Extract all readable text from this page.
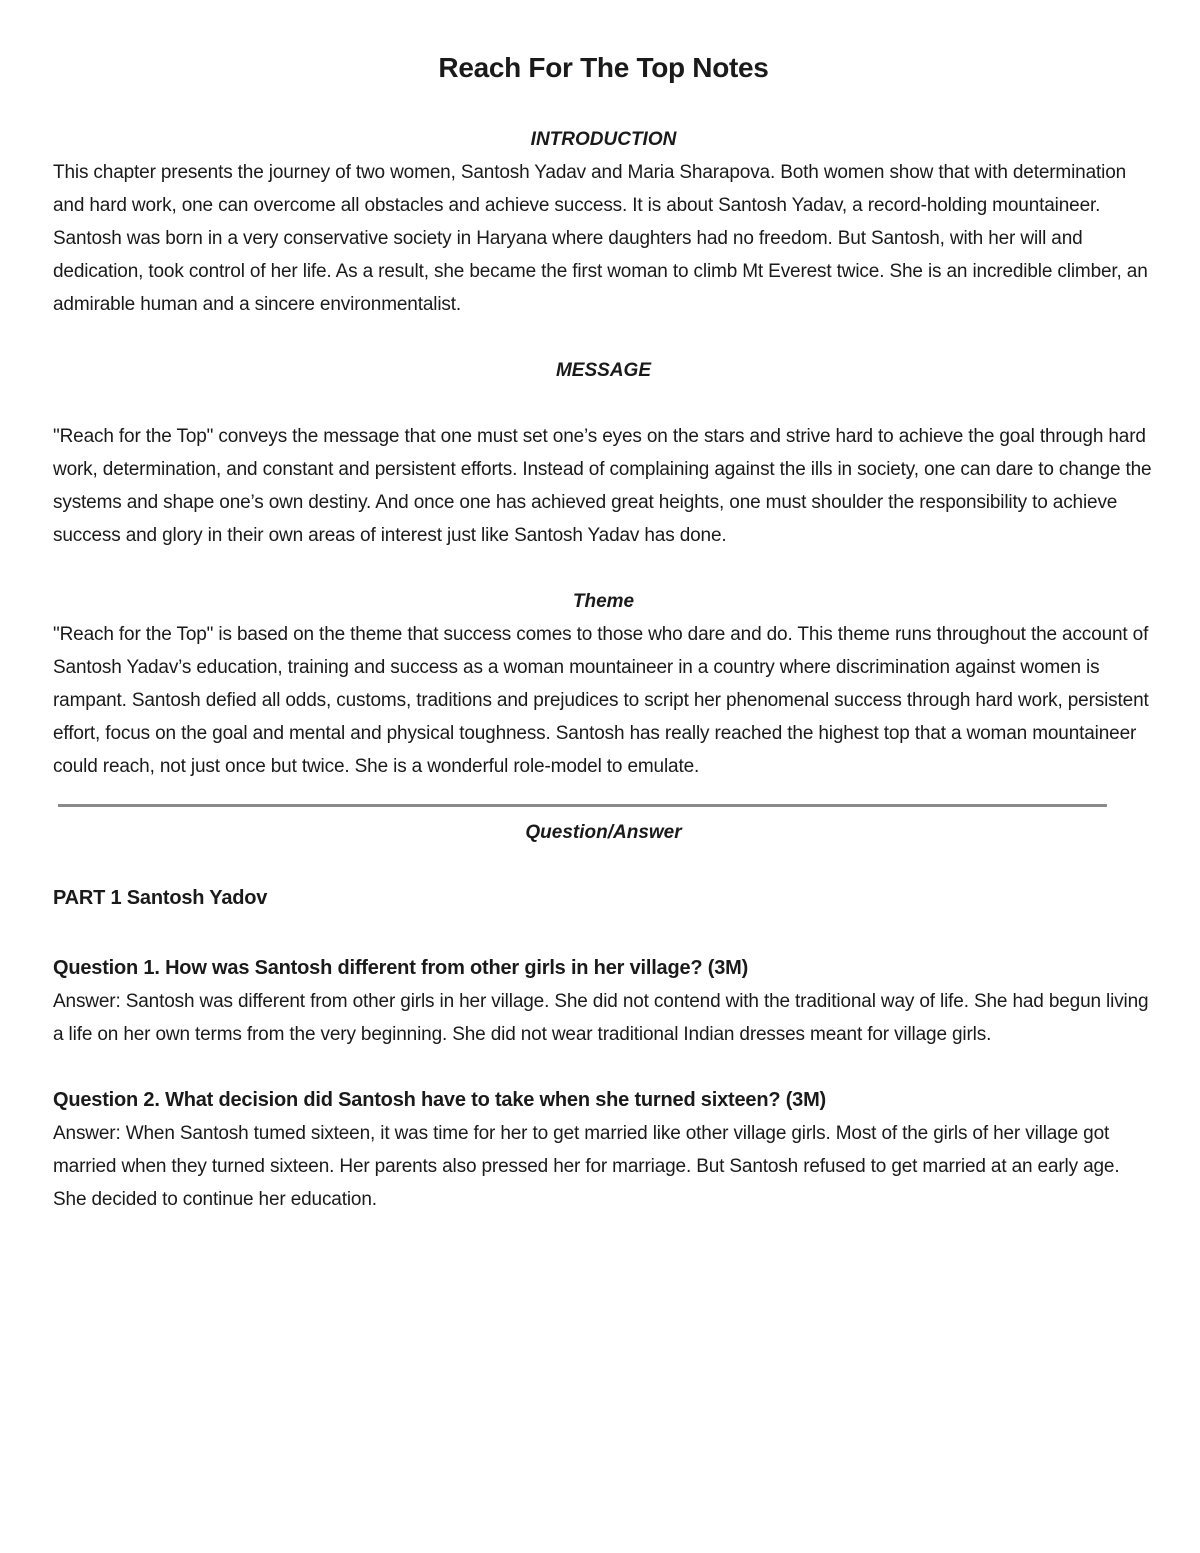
Reach For The Top Notes
INTRODUCTION

This chapter presents the journey of two women, Santosh Yadav and Maria Sharapova. Both women show that with determination and hard work, one can overcome all obstacles and achieve success. It is about Santosh Yadav, a record-holding mountaineer. Santosh was born in a very conservative society in Haryana where daughters had no freedom. But Santosh, with her will and dedication, took control of her life. As a result, she became the first woman to climb Mt Everest twice. She is an incredible climber, an admirable human and a sincere environmentalist.

MESSAGE

"Reach for the Top" conveys the message that one must set one’s eyes on the stars and strive hard to achieve the goal through hard work, determination, and constant and persistent efforts. Instead of complaining against the ills in society, one can dare to change the systems and shape one’s own destiny. And once one has achieved great heights, one must shoulder the responsibility to achieve success and glory in their own areas of interest just like Santosh Yadav has done.

Theme

"Reach for the Top" is based on the theme that success comes to those who dare and do. This theme runs throughout the account of Santosh Yadav’s education, training and success as a woman mountaineer in a country where discrimination against women is rampant. Santosh defied all odds, customs, traditions and prejudices to script her phenomenal success through hard work, persistent effort, focus on the goal and mental and physical toughness. Santosh has really reached the highest top that a woman mountaineer could reach, not just once but twice. She is a wonderful role-model to emulate.

Question/Answer
PART 1 Santosh Yadov
Question 1. How was Santosh different from other girls in her village? (3M)

Answer: Santosh was different from other girls in her village. She did not contend with the traditional way of life. She had begun living a life on her own terms from the very beginning. She did not wear traditional Indian dresses meant for village girls.

Question 2. What decision did Santosh have to take when she turned sixteen? (3M)

Answer: When Santosh tumed sixteen, it was time for her to get married like other village girls. Most of the girls of her village got married when they turned sixteen. Her parents also pressed her for marriage. But Santosh refused to get married at an early age. She decided to continue her education.
